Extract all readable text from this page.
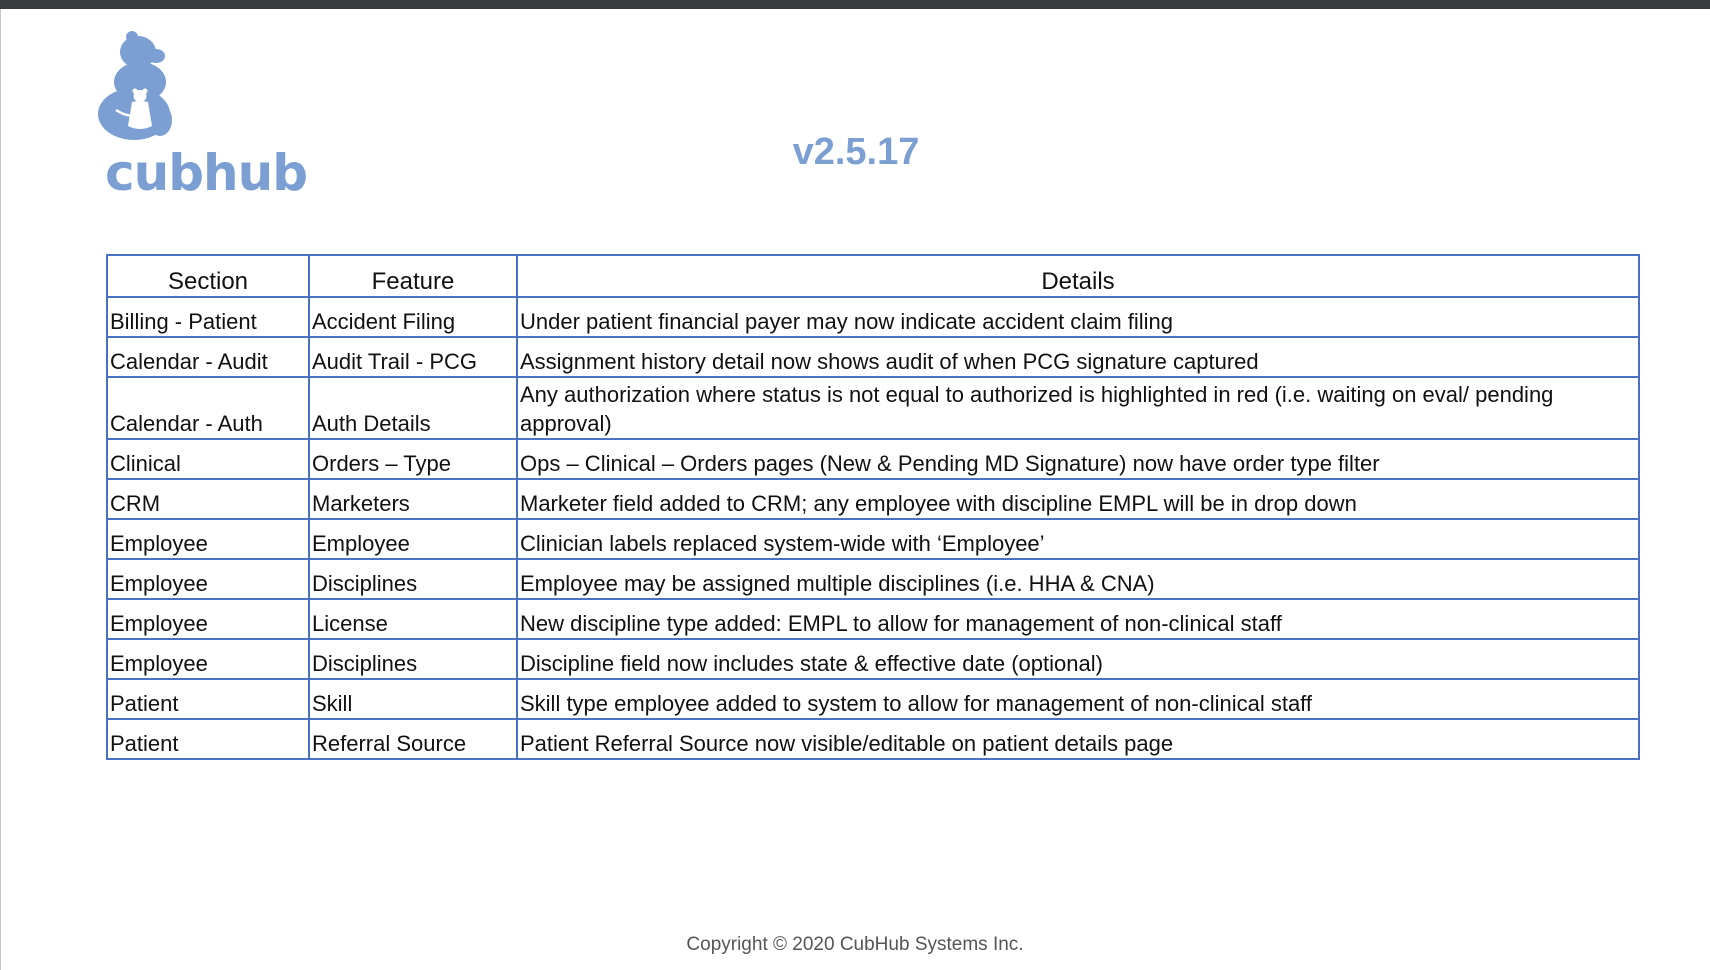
cubhub	v2.5.17
Section	Feature	Details
Billing - Patient	Accident Filing	Under patient financial payer may now indicate accident claim filing
Calendar - Audit	Audit Trail - PCG	Assignment history detail now shows audit of when PCG signature captured
Calendar - Auth	Auth Details	Any authorization where status is not equal to authorized is highlighted in red (i.e. waiting on eval/ pending approval)
Clinical	Orders – Type	Ops – Clinical – Orders pages (New & Pending MD Signature) now have order type filter
CRM	Marketers	Marketer field added to CRM; any employee with discipline EMPL will be in drop down
Employee	Employee	Clinician labels replaced system-wide with ‘Employee’
Employee	Disciplines	Employee may be assigned multiple disciplines (i.e. HHA & CNA)
Employee	License	New discipline type added: EMPL to allow for management of non-clinical staff
Employee	Disciplines	Discipline field now includes state & effective date (optional)
Patient	Skill	Skill type employee added to system to allow for management of non-clinical staff
Patient	Referral Source	Patient Referral Source now visible/editable on patient details page
Copyright © 2020 CubHub Systems Inc.
